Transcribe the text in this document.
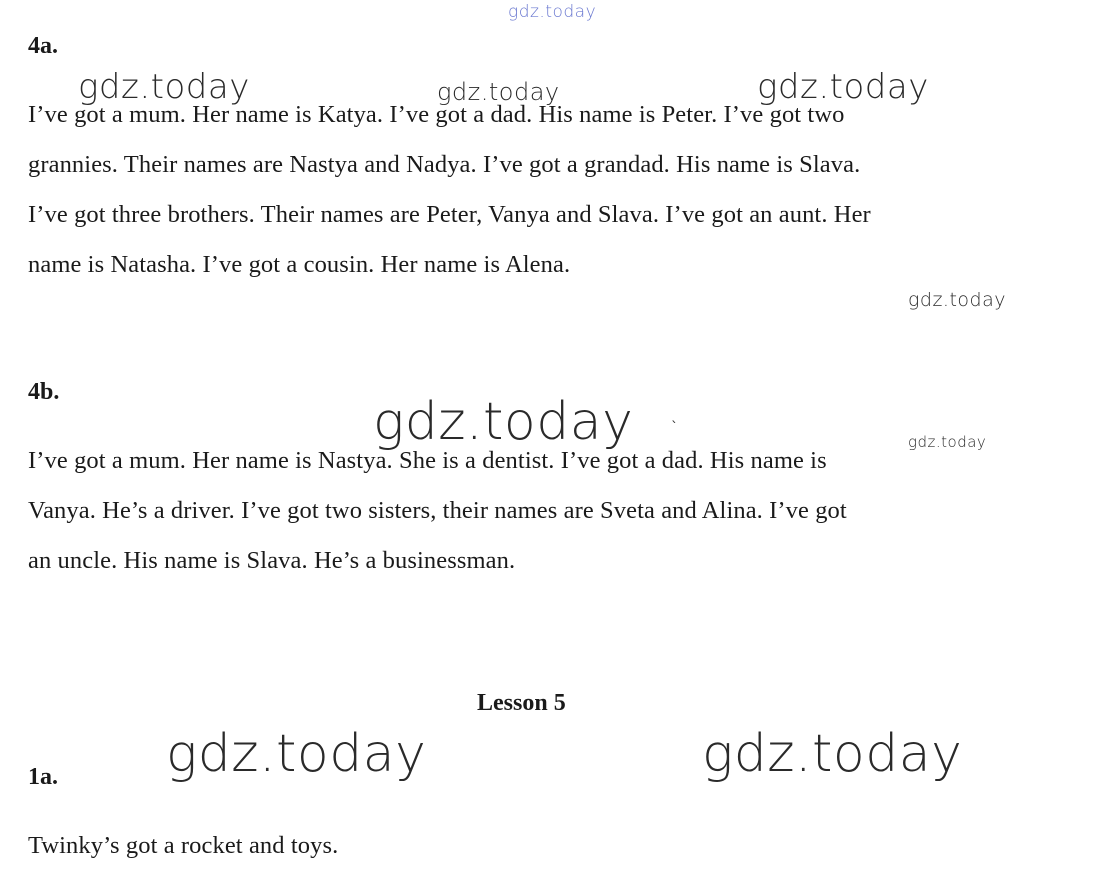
gdz.today
4a.
gdz.today	gdz.today	gdz.today
I’ve got a mum. Her name is Katya. I’ve got a dad. His name is Peter. I’ve got two
grannies. Their names are Nastya and Nadya. I’ve got a grandad. His name is Slava.
I’ve got three brothers. Their names are Peter, Vanya and Slava. I’ve got an aunt. Her
name is Natasha. I’ve got a cousin. Her name is Alena.
gdz.today
4b.	gdz.today	ˋ
gdz.today
I’ve got a mum. Her name is Nastya. She is a dentist. I’ve got a dad. His name is
Vanya. He’s a driver. I’ve got two sisters, their names are Sveta and Alina. I’ve got
an uncle. His name is Slava. He’s a businessman.
Lesson 5
gdz.today	gdz.today
1a.
Twinky’s got a rocket and toys.
